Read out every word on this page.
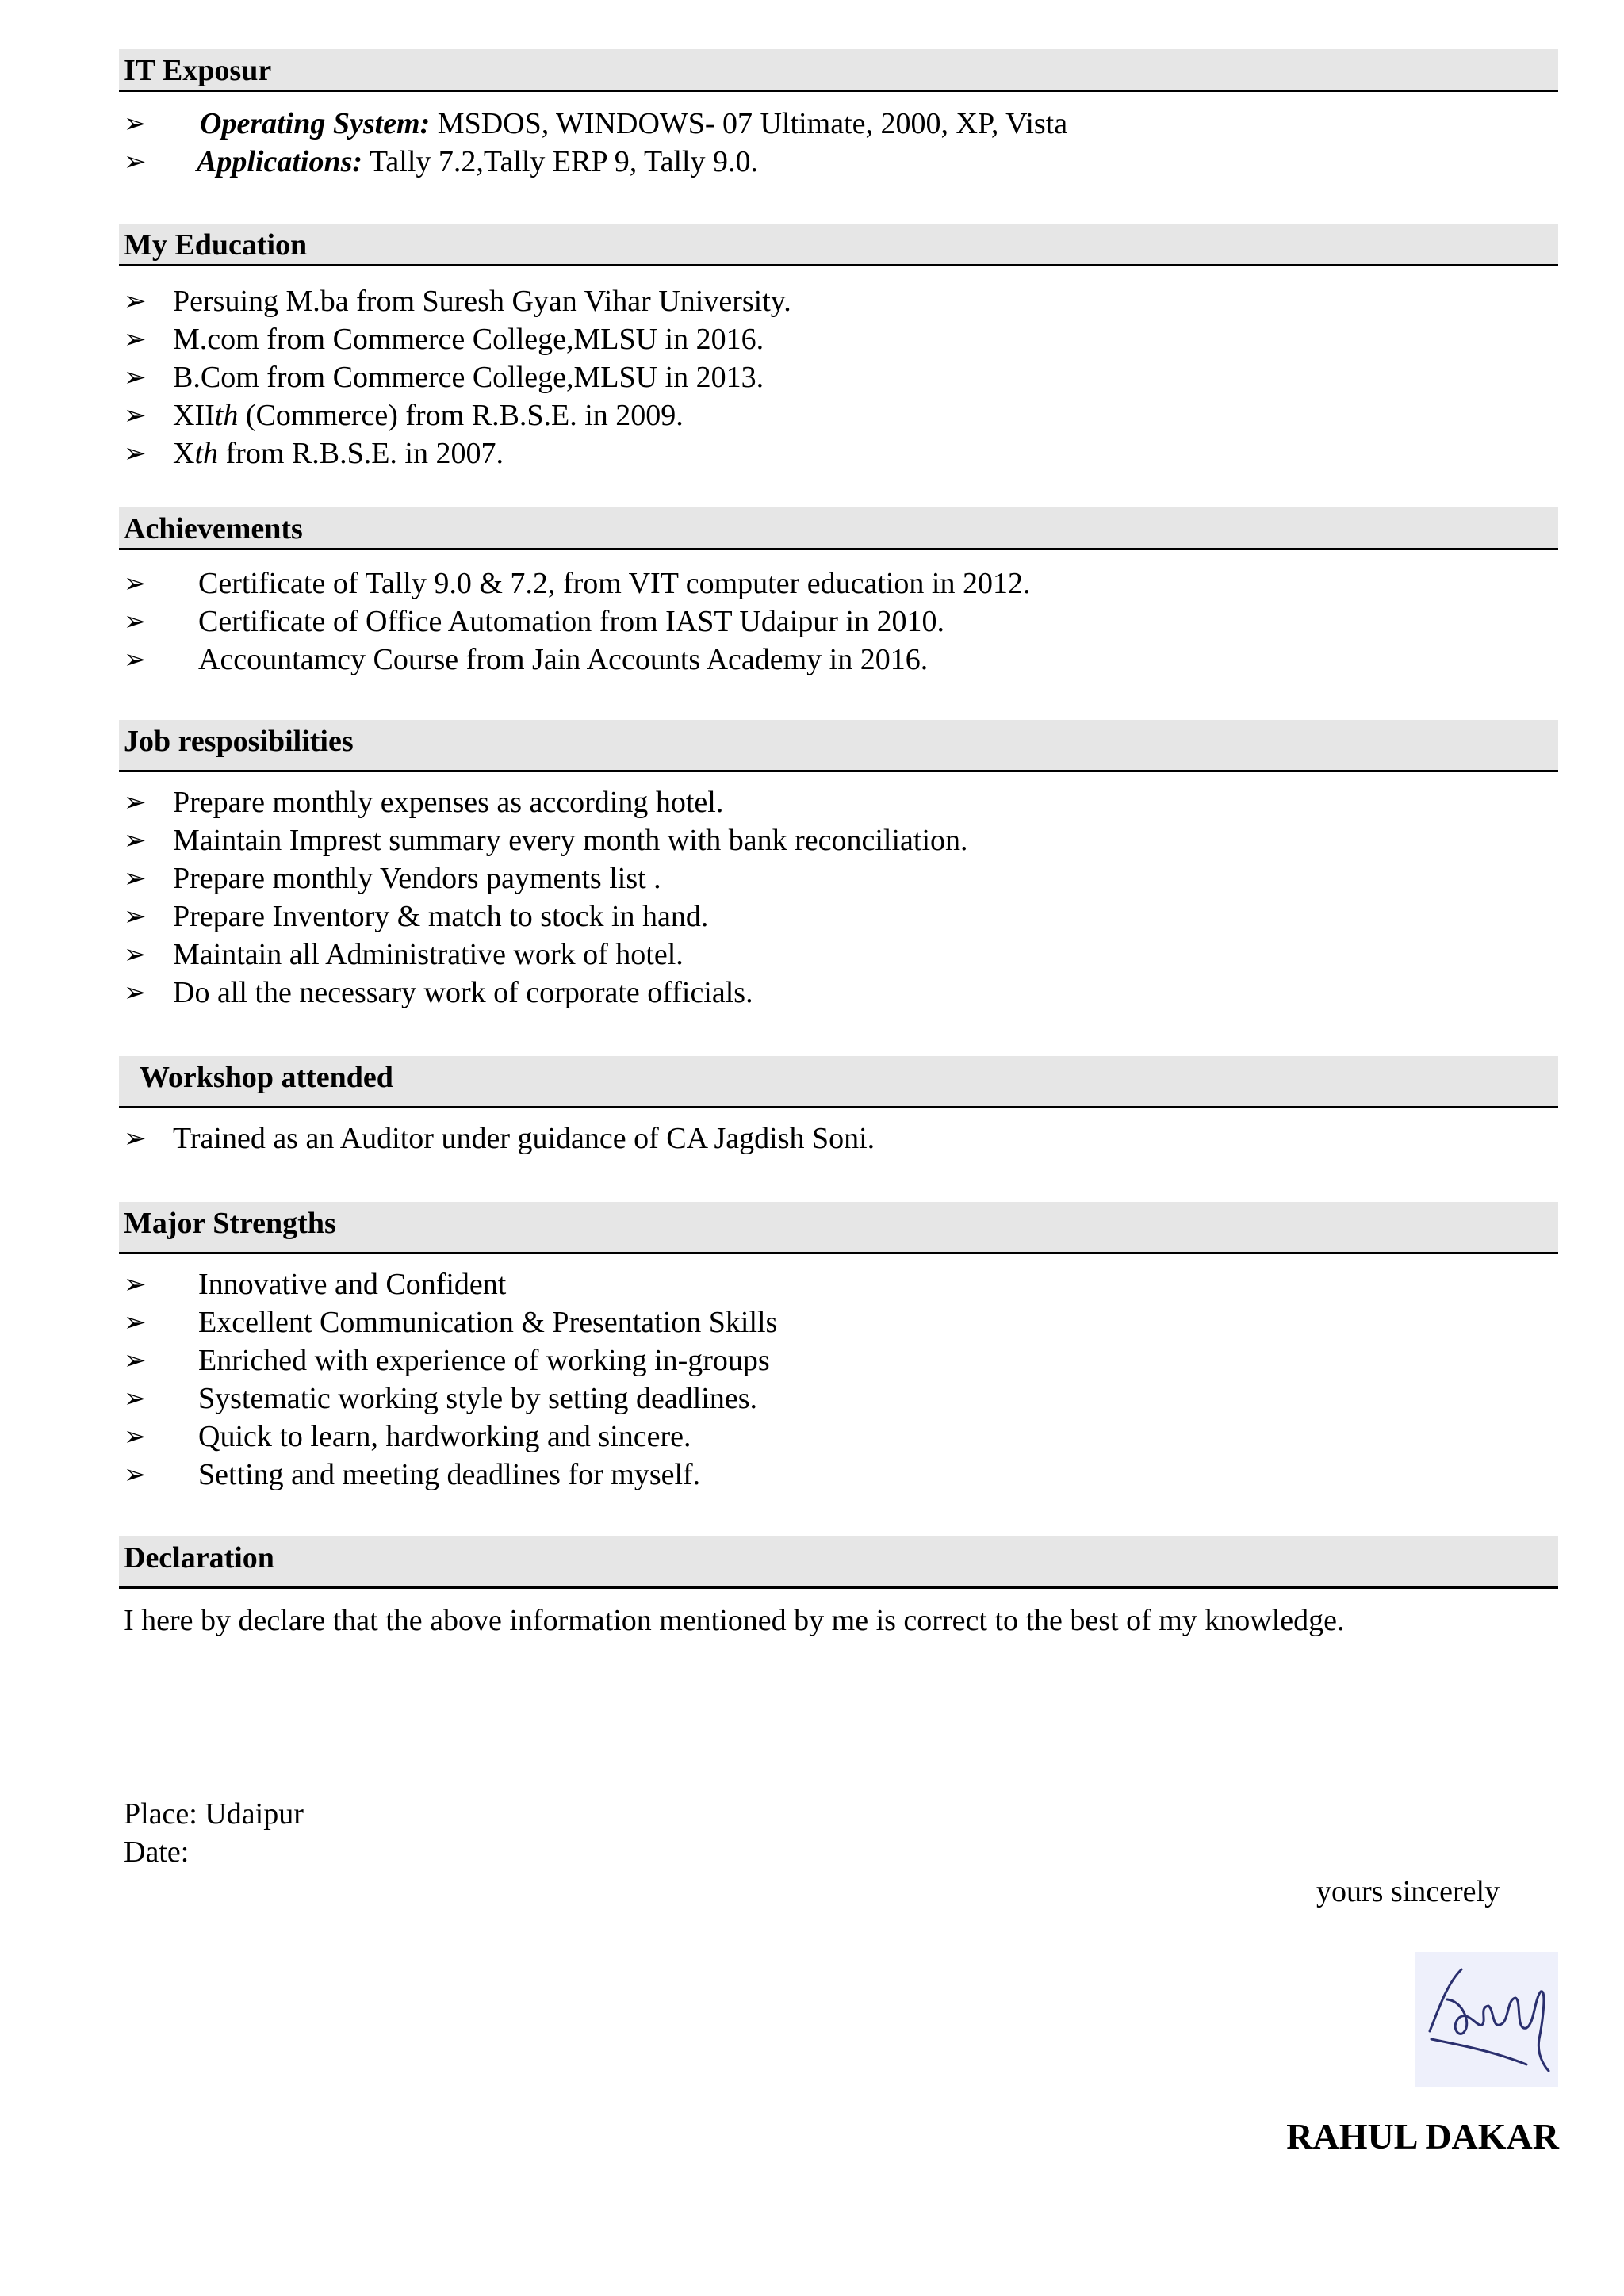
IT Exposur
➢ Operating System: MSDOS, WINDOWS- 07 Ultimate, 2000, XP, Vista
➢ Applications: Tally 7.2,Tally ERP 9, Tally 9.0.
My Education
➢ Persuing M.ba from Suresh Gyan Vihar University.
➢ M.com from Commerce College,MLSU in 2016.
➢ B.Com from Commerce College,MLSU in 2013.
➢ XIIth (Commerce) from R.B.S.E. in 2009.
➢ Xth from R.B.S.E. in 2007.
Achievements
➢ Certificate of Tally 9.0 & 7.2, from VIT computer education in 2012.
➢ Certificate of Office Automation from IAST Udaipur in 2010.
➢ Accountamcy Course from Jain Accounts Academy in 2016.
Job resposibilities
➢ Prepare monthly expenses as according hotel.
➢ Maintain Imprest summary every month with bank reconciliation.
➢ Prepare monthly Vendors payments list .
➢ Prepare Inventory & match to stock in hand.
➢ Maintain all Administrative work of hotel.
➢ Do all the necessary work of corporate officials.
Workshop attended
➢ Trained as an Auditor under guidance of CA Jagdish Soni.
Major Strengths
➢ Innovative and Confident
➢ Excellent Communication & Presentation Skills
➢ Enriched with experience of working in-groups
➢ Systematic working style by setting deadlines.
➢ Quick to learn, hardworking and sincere.
➢ Setting and meeting deadlines for myself.
Declaration
I here by declare that the above information mentioned by me is correct to the best of my knowledge.
Place: Udaipur
Date:
yours sincerely
RAHUL DAKAR
